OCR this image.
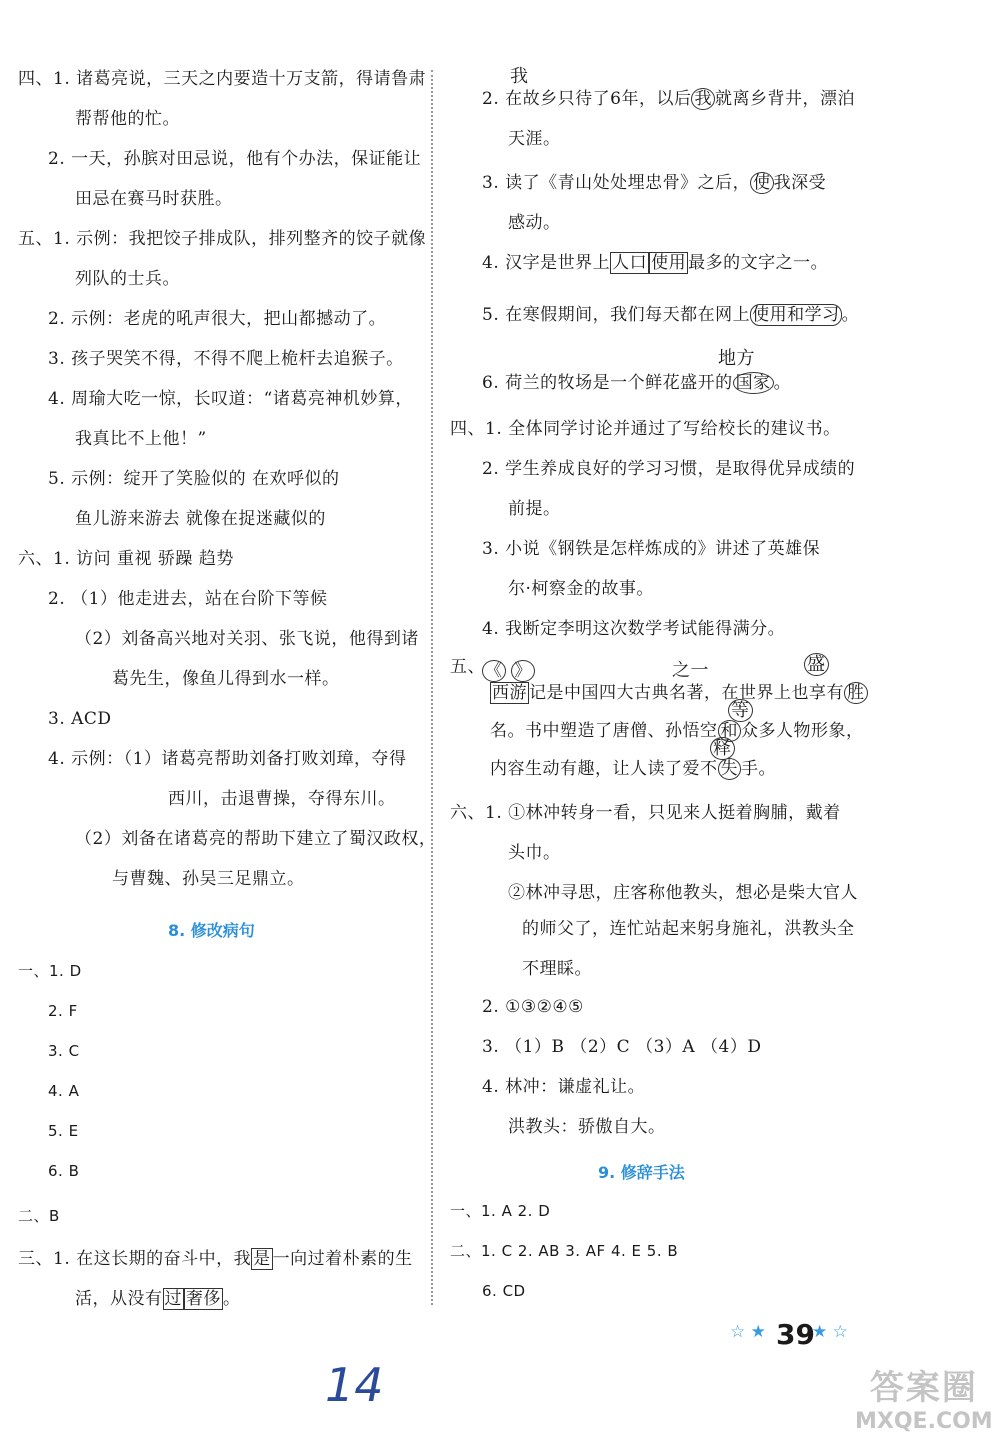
四、1. 诸葛亮说，三天之内要造十万支箭，得请鲁肃
帮帮他的忙。
2. 一天，孙膑对田忌说，他有个办法，保证能让
田忌在赛马时获胜。
五、1. 示例：我把饺子排成队，排列整齐的饺子就像
列队的士兵。
2. 示例：老虎的吼声很大，把山都撼动了。
3. 孩子哭笑不得，不得不爬上桅杆去追猴子。
4. 周瑜大吃一惊，长叹道：“诸葛亮神机妙算，
我真比不上他！”
5. 示例：绽开了笑脸似的 在欢呼似的
鱼儿游来游去 就像在捉迷藏似的
六、1. 访问 重视 骄躁 趋势
2. （1）他走进去，站在台阶下等候
（2）刘备高兴地对关羽、张飞说，他得到诸
葛先生，像鱼儿得到水一样。
3. ACD
4. 示例：（1）诸葛亮帮助刘备打败刘璋，夺得
西川，击退曹操，夺得东川。
（2）刘备在诸葛亮的帮助下建立了蜀汉政权，
与曹魏、孙吴三足鼎立。
8. 修改病句
一、1. D
2. F
3. C
4. A
5. E
6. B
二、B
三、1. 在这长期的奋斗中，我 是 一向过着朴素的生
活，从没有 过 奢侈 。
我
2. 在故乡只待了6年，以后 我 就离乡背井，漂泊
天涯。
3. 读了《青山处处埋忠骨》之后， 使 我深受
感动。
4. 汉字是世界上 人口 使用 最多的文字之一。
5. 在寒假期间，我们每天都在网上 使用和学习 。
地方
6. 荷兰的牧场是一个鲜花盛开的 国家 。
四、1. 全体同学讨论并通过了写给校长的建议书。
2. 学生养成良好的学习习惯，是取得优异成绩的
前提。
3. 小说《钢铁是怎样炼成的》讲述了英雄保
尔·柯察金的故事。
4. 我断定李明这次数学考试能得满分。
五、 《 》	之一	盛
西游 记是中国四大古典名著，在世界上也享有 胜
等
名。书中塑造了唐僧、孙悟空 和 众多人物形象，
释
内容生动有趣，让人读了爱不 失 手。
六、1. ①林冲转身一看，只见来人挺着胸脯，戴着
头巾。
②林冲寻思，庄客称他教头，想必是柴大官人
的师父了，连忙站起来躬身施礼，洪教头全
不理睬。
2. ①③②④⑤
3. （1）B （2）C （3）A （4）D
4. 林冲：谦虚礼让。
洪教头：骄傲自大。
9. 修辞手法
一、1. A 2. D
二、1. C 2. AB 3. AF 4. E 5. B
6. CD
☆ ★ 39
★ ☆
14	答案圈
MXQE.COM
